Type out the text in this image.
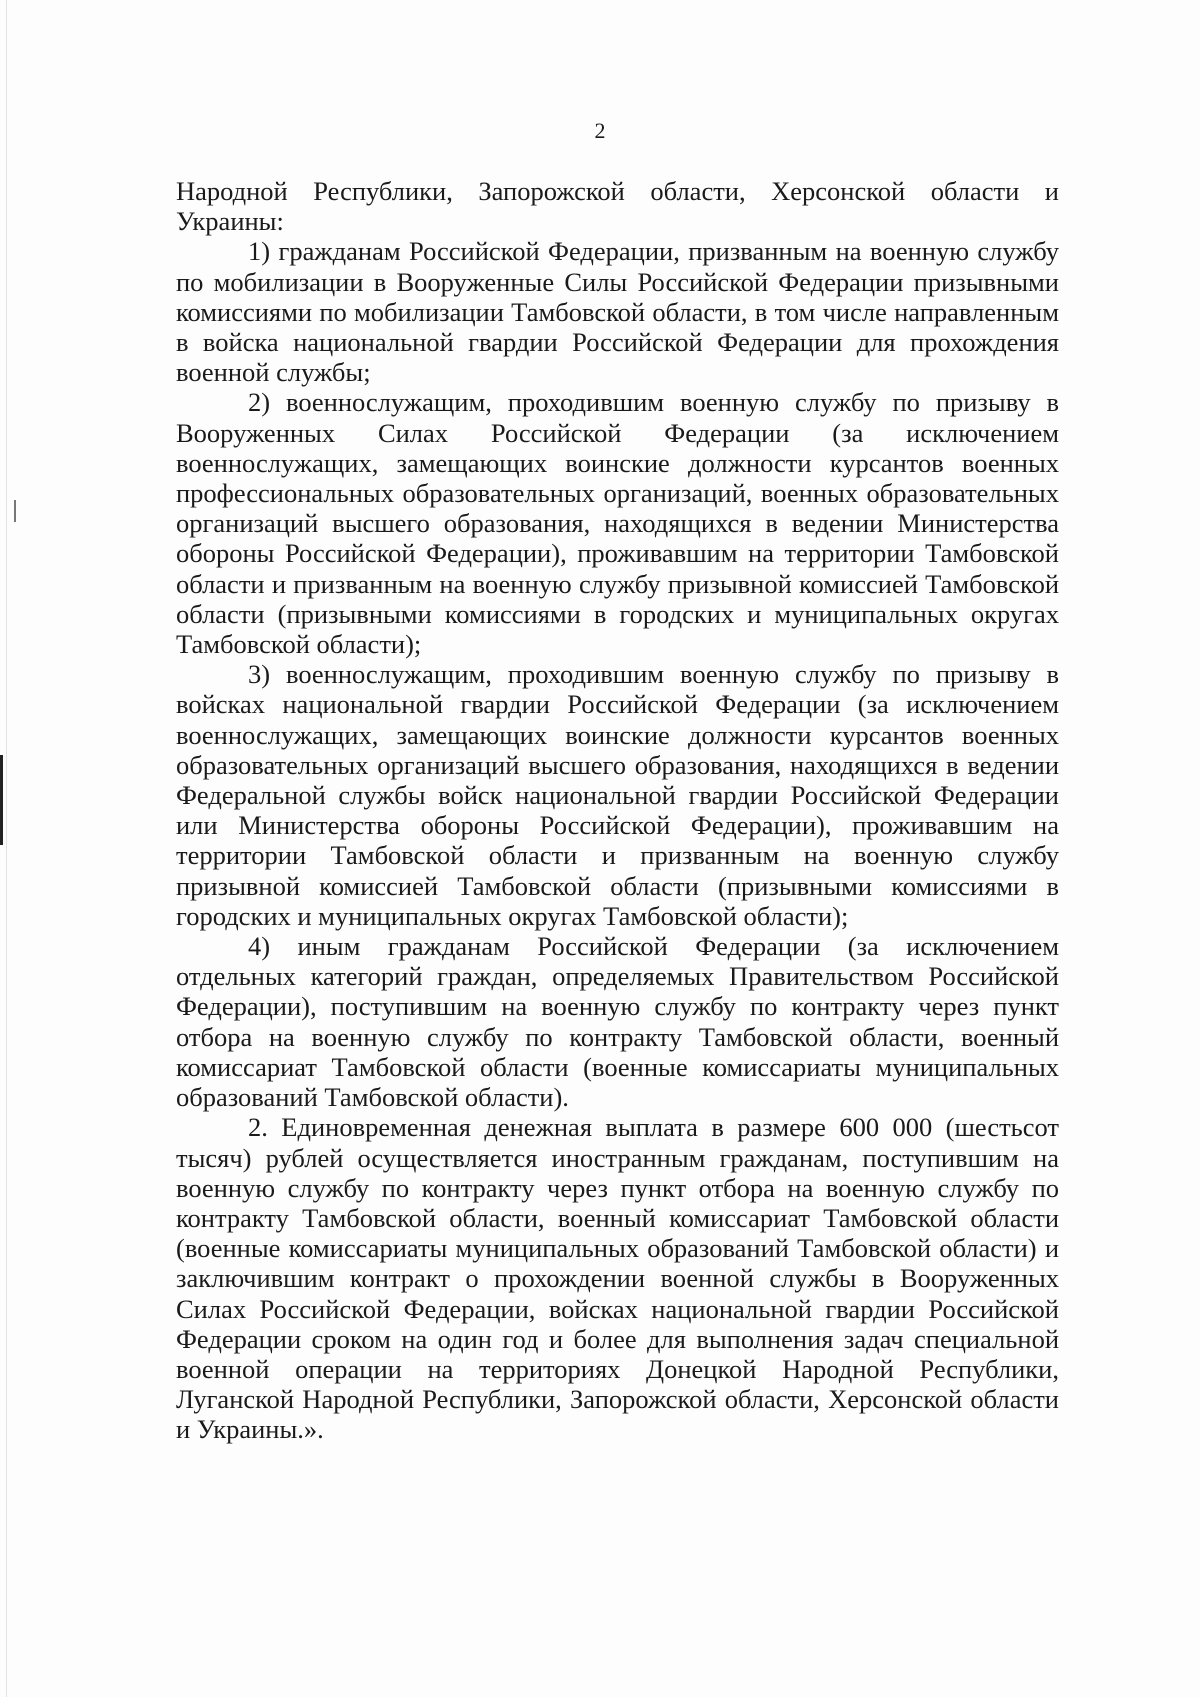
2

Народной Республики, Запорожской области, Херсонской области и Украины:

1) гражданам Российской Федерации, призванным на военную службу по мобилизации в Вооруженные Силы Российской Федерации призывными комиссиями по мобилизации Тамбовской области, в том числе направленным в войска национальной гвардии Российской Федерации для прохождения военной службы;

2) военнослужащим, проходившим военную службу по призыву в Вооруженных Силах Российской Федерации (за исключением военнослужащих, замещающих воинские должности курсантов военных профессиональных образовательных организаций, военных образовательных организаций высшего образования, находящихся в ведении Министерства обороны Российской Федерации), проживавшим на территории Тамбовской области и призванным на военную службу призывной комиссией Тамбовской области (призывными комиссиями в городских и муниципальных округах Тамбовской области);

3) военнослужащим, проходившим военную службу по призыву в войсках национальной гвардии Российской Федерации (за исключением военнослужащих, замещающих воинские должности курсантов военных образовательных организаций высшего образования, находящихся в ведении Федеральной службы войск национальной гвардии Российской Федерации или Министерства обороны Российской Федерации), проживавшим на территории Тамбовской области и призванным на военную службу призывной комиссией Тамбовской области (призывными комиссиями в городских и муниципальных округах Тамбовской области);

4) иным гражданам Российской Федерации (за исключением отдельных категорий граждан, определяемых Правительством Российской Федерации), поступившим на военную службу по контракту через пункт отбора на военную службу по контракту Тамбовской области, военный комиссариат Тамбовской области (военные комиссариаты муниципальных образований Тамбовской области).

2. Единовременная денежная выплата в размере 600 000 (шестьсот тысяч) рублей осуществляется иностранным гражданам, поступившим на военную службу по контракту через пункт отбора на военную службу по контракту Тамбовской области, военный комиссариат Тамбовской области (военные комиссариаты муниципальных образований Тамбовской области) и заключившим контракт о прохождении военной службы в Вооруженных Силах Российской Федерации, войсках национальной гвардии Российской Федерации сроком на один год и более для выполнения задач специальной военной операции на территориях Донецкой Народной Республики, Луганской Народной Республики, Запорожской области, Херсонской области и Украины.».
